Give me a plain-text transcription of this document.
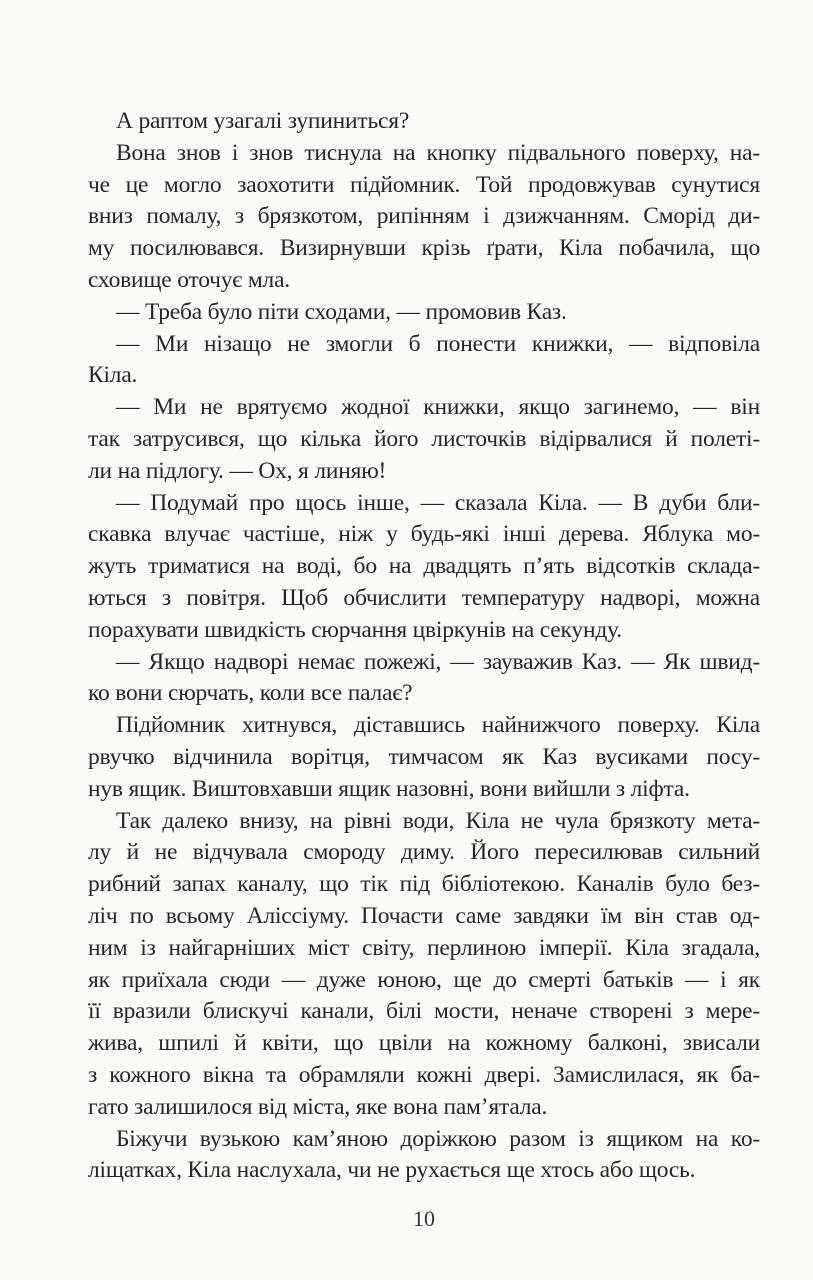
А раптом узагалі зупиниться?
Вона знов і знов тиснула на кнопку підвального поверху, на-
че це могло заохотити підйомник. Той продовжував сунутися
вниз помалу, з брязкотом, рипінням і дзижчанням. Сморід ди-
му посилювався. Визирнувши крізь ґрати, Кіла побачила, що
сховище оточує мла.
— Треба було піти сходами, — промовив Каз.
— Ми нізащо не змогли б понести книжки, — відповіла
Кіла.
— Ми не врятуємо жодної книжки, якщо загинемо, — він
так затрусився, що кілька його листочків відірвалися й полеті-
ли на підлогу. — Ох, я линяю!
— Подумай про щось інше, — сказала Кіла. — В дуби бли-
скавка влучає частіше, ніж у будь-які інші дерева. Яблука мо-
жуть триматися на воді, бо на двадцять п’ять відсотків склада-
ються з повітря. Щоб обчислити температуру надворі, можна
порахувати швидкість сюрчання цвіркунів на секунду.
— Якщо надворі немає пожежі, — зауважив Каз. — Як швид-
ко вони сюрчать, коли все палає?
Підйомник хитнувся, діставшись найнижчого поверху. Кіла
рвучко відчинила ворітця, тимчасом як Каз вусиками посу-
нув ящик. Виштовхавши ящик назовні, вони вийшли з ліфта.
Так далеко внизу, на рівні води, Кіла не чула брязкоту мета-
лу й не відчувала смороду диму. Його пересилював сильний
рибний запах каналу, що тік під бібліотекою. Каналів було без-
ліч по всьому Аліссіуму. Почасти саме завдяки їм він став од-
ним із найгарніших міст світу, перлиною імперії. Кіла згадала,
як приїхала сюди — дуже юною, ще до смерті батьків — і як
її вразили блискучі канали, білі мости, неначе створені з мере-
жива, шпилі й квіти, що цвіли на кожному балконі, звисали
з кожного вікна та обрамляли кожні двері. Замислилася, як ба-
гато залишилося від міста, яке вона пам’ятала.
Біжучи вузькою кам’яною доріжкою разом із ящиком на ко-
ліщатках, Кіла наслухала, чи не рухається ще хтось або щось.
10
